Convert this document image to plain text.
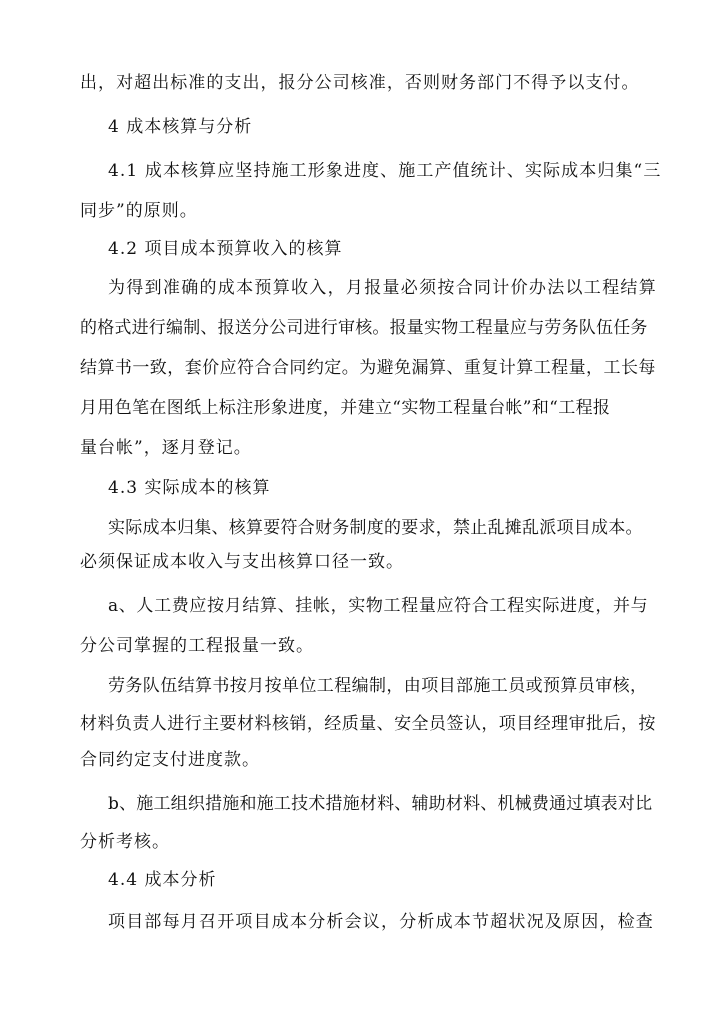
出，对超出标准的支出，报分公司核准，否则财务部门不得予以支付。
4 成本核算与分析
4.1 成本核算应坚持施工形象进度、施工产值统计、实际成本归集“三
同步”的原则。
4.2 项目成本预算收入的核算
为得到准确的成本预算收入，月报量必须按合同计价办法以工程结算
的格式进行编制、报送分公司进行审核。报量实物工程量应与劳务队伍任务
结算书一致，套价应符合合同约定。为避免漏算、重复计算工程量，工长每
月用色笔在图纸上标注形象进度，并建立“实物工程量台帐”和“工程报
量台帐”，逐月登记。
4.3 实际成本的核算
实际成本归集、核算要符合财务制度的要求，禁止乱摊乱派项目成本。
必须保证成本收入与支出核算口径一致。
a、人工费应按月结算、挂帐，实物工程量应符合工程实际进度，并与
分公司掌握的工程报量一致。
劳务队伍结算书按月按单位工程编制，由项目部施工员或预算员审核，
材料负责人进行主要材料核销，经质量、安全员签认，项目经理审批后，按
合同约定支付进度款。
b、施工组织措施和施工技术措施材料、辅助材料、机械费通过填表对比
分析考核。
4.4 成本分析
项目部每月召开项目成本分析会议，分析成本节超状况及原因，检查
